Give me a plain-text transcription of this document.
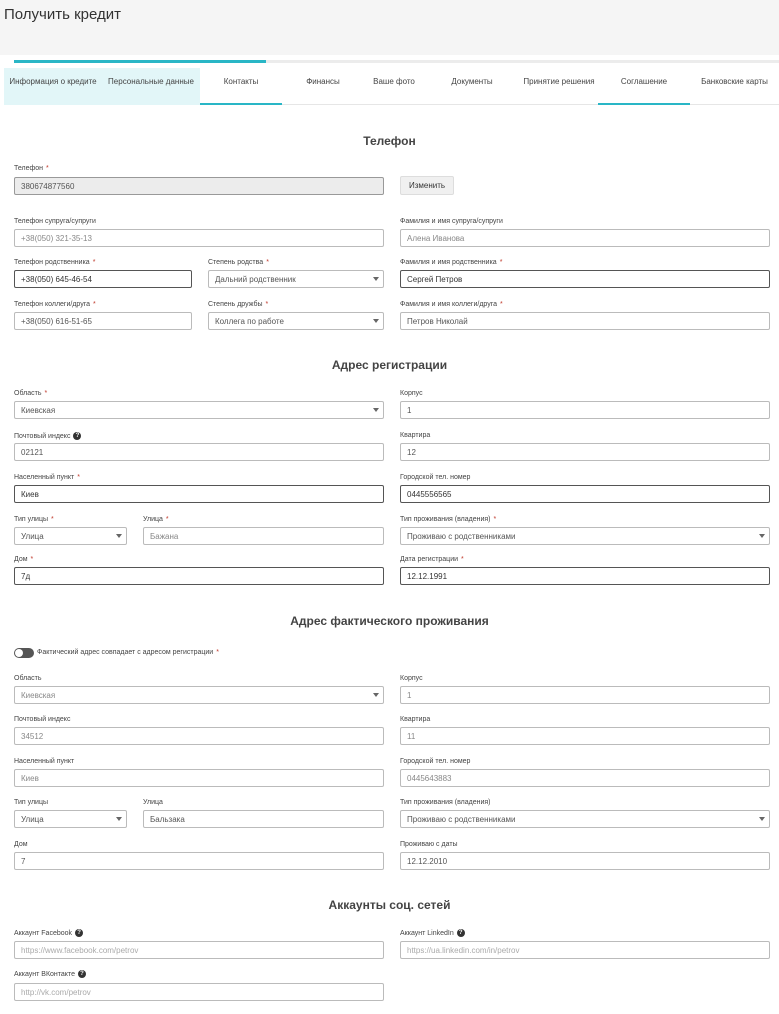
Получить кредит
Информация о кредите Персональные данные	Контакты	Финансы	Ваше фото	Документы	Принятие решения	Соглашение	Банковские карты
Телефон
Телефон *
380674877560	Изменить
Телефон супруга/супруги
+38(050) 321-35-13
Фамилия и имя супруга/супруги
Алена Иванова
Телефон родственника *
+38(050) 645-46-54
Степень родства *
Дальний родственник
Фамилия и имя родственника *
Сергей Петров
Телефон коллеги/друга *
+38(050) 616-51-65
Степень дружбы *
Коллега по работе
Фамилия и имя коллеги/друга *
Петров Николай
Адрес регистрации
Область *
Киевская
Корпус
1
Почтовый индекс ?
02121
Квартира
12
Населенный пункт *
Киев
Городской тел. номер
0445556565
Тип улицы *
Улица
Улица *
Бажана
Тип проживания (владения) *
Проживаю с родственниками
Дом *
7д
Дата регистрации *
12.12.1991
Адрес фактического проживания
Фактический адрес совпадает с адресом регистрации *
Область
Киевская
Корпус
1
Почтовый индекс
34512
Квартира
11
Населенный пункт
Киев
Городской тел. номер
0445643883
Тип улицы
Улица
Улица
Бальзака
Тип проживания (владения)
Проживаю с родственниками
Дом
7
Проживаю с даты
12.12.2010
Аккаунты соц. сетей
Аккаунт Facebook ?
https://www.facebook.com/petrov
Аккаунт LinkedIn ?
https://ua.linkedin.com/in/petrov
Аккаунт ВКонтакте ?
http://vk.com/petrov
